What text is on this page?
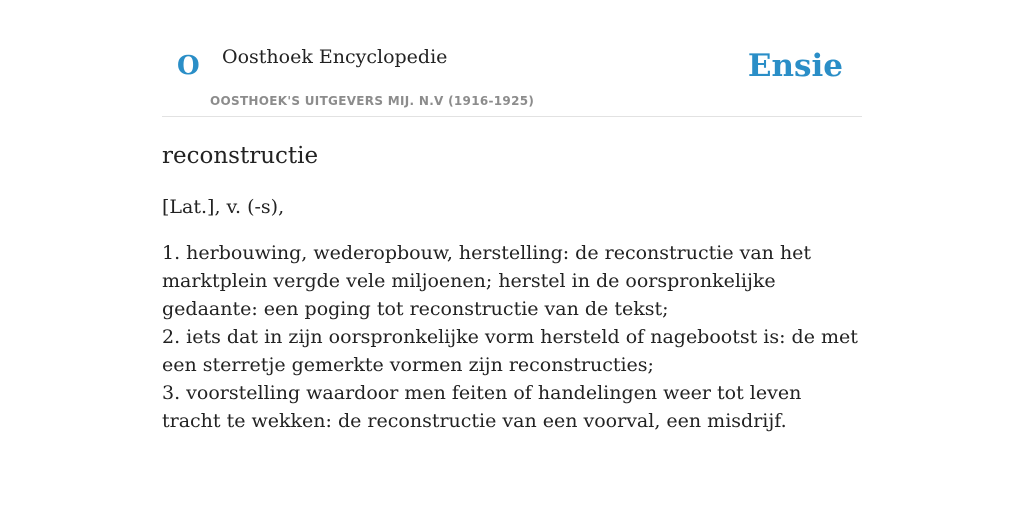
O Oosthoek Encyclopedie
OOSTHOEK'S UITGEVERS MIJ. N.V (1916-1925)
Ensie
reconstructie

[Lat.], v. (-s),

1. herbouwing, wederopbouw, herstelling: de reconstructie van het marktplein vergde vele miljoenen; herstel in de oorspronkelijke gedaante: een poging tot reconstructie van de tekst;
2. iets dat in zijn oorspronkelijke vorm hersteld of nagebootst is: de met een sterretje gemerkte vormen zijn reconstructies;
3. voorstelling waardoor men feiten of handelingen weer tot leven tracht te wekken: de reconstructie van een voorval, een misdrijf.
